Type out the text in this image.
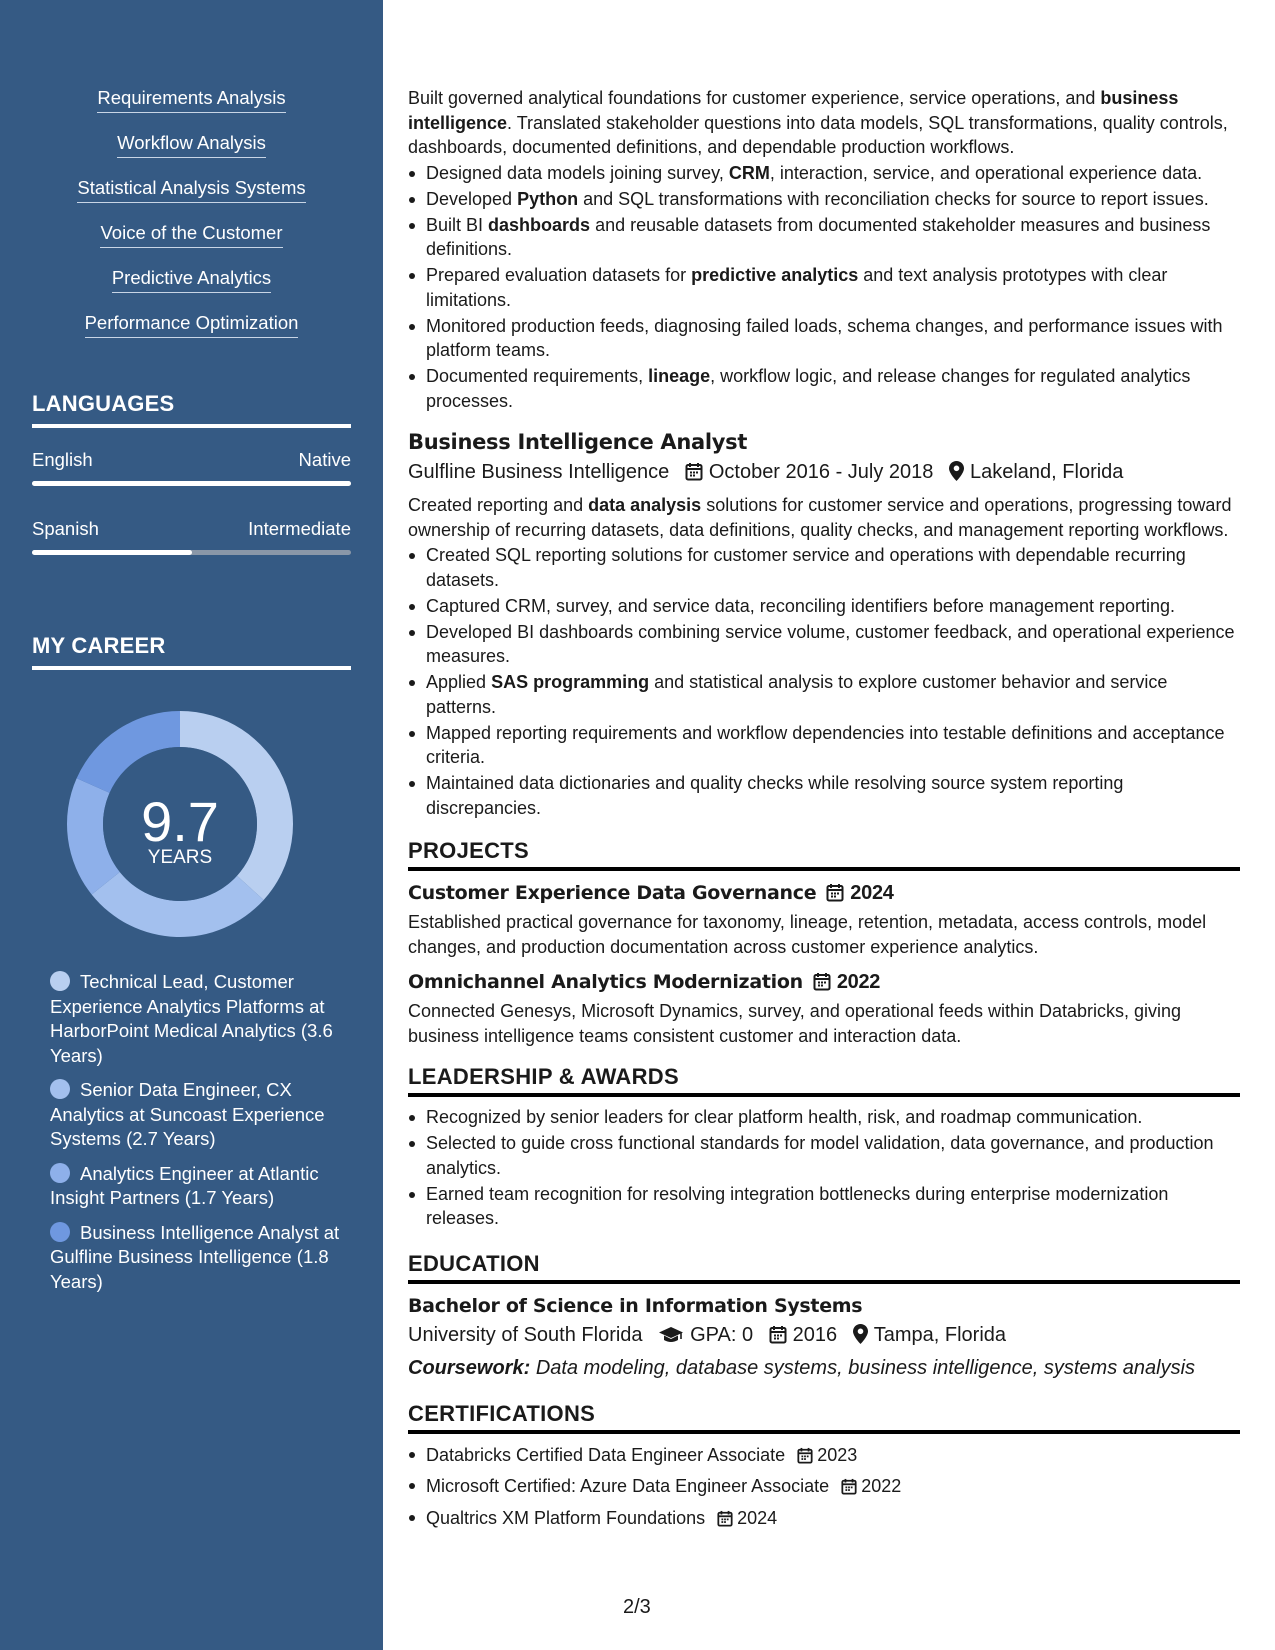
Requirements Analysis
Workflow Analysis
Statistical Analysis Systems
Voice of the Customer
Predictive Analytics
Performance Optimization
LANGUAGES
English	Native
Spanish	Intermediate
MY CAREER
9.7
YEARS
Technical Lead, Customer Experience Analytics Platforms at HarborPoint Medical Analytics (3.6 Years)
Senior Data Engineer, CX Analytics at Suncoast Experience Systems (2.7 Years)
Analytics Engineer at Atlantic Insight Partners (1.7 Years)
Business Intelligence Analyst at Gulfline Business Intelligence (1.8 Years)
Built governed analytical foundations for customer experience, service operations, and business intelligence. Translated stakeholder questions into data models, SQL transformations, quality controls, dashboards, documented definitions, and dependable production workflows.
Designed data models joining survey, CRM, interaction, service, and operational experience data.
Developed Python and SQL transformations with reconciliation checks for source to report issues.
Built BI dashboards and reusable datasets from documented stakeholder measures and business definitions.
Prepared evaluation datasets for predictive analytics and text analysis prototypes with clear limitations.
Monitored production feeds, diagnosing failed loads, schema changes, and performance issues with platform teams.
Documented requirements, lineage, workflow logic, and release changes for regulated analytics processes.
Business Intelligence Analyst
Gulfline Business Intelligence October 2016 - July 2018 Lakeland, Florida
Created reporting and data analysis solutions for customer service and operations, progressing toward ownership of recurring datasets, data definitions, quality checks, and management reporting workflows.
Created SQL reporting solutions for customer service and operations with dependable recurring datasets.
Captured CRM, survey, and service data, reconciling identifiers before management reporting.
Developed BI dashboards combining service volume, customer feedback, and operational experience measures.
Applied SAS programming and statistical analysis to explore customer behavior and service patterns.
Mapped reporting requirements and workflow dependencies into testable definitions and acceptance criteria.
Maintained data dictionaries and quality checks while resolving source system reporting discrepancies.
PROJECTS
Customer Experience Data Governance 2024
Established practical governance for taxonomy, lineage, retention, metadata, access controls, model changes, and production documentation across customer experience analytics.
Omnichannel Analytics Modernization 2022
Connected Genesys, Microsoft Dynamics, survey, and operational feeds within Databricks, giving business intelligence teams consistent customer and interaction data.
LEADERSHIP & AWARDS
Recognized by senior leaders for clear platform health, risk, and roadmap communication.
Selected to guide cross functional standards for model validation, data governance, and production analytics.
Earned team recognition for resolving integration bottlenecks during enterprise modernization releases.
EDUCATION
Bachelor of Science in Information Systems
University of South Florida GPA: 0 2016 Tampa, Florida
Coursework: Data modeling, database systems, business intelligence, systems analysis
CERTIFICATIONS
Databricks Certified Data Engineer Associate 2023
Microsoft Certified: Azure Data Engineer Associate 2022
Qualtrics XM Platform Foundations 2024
2/3
